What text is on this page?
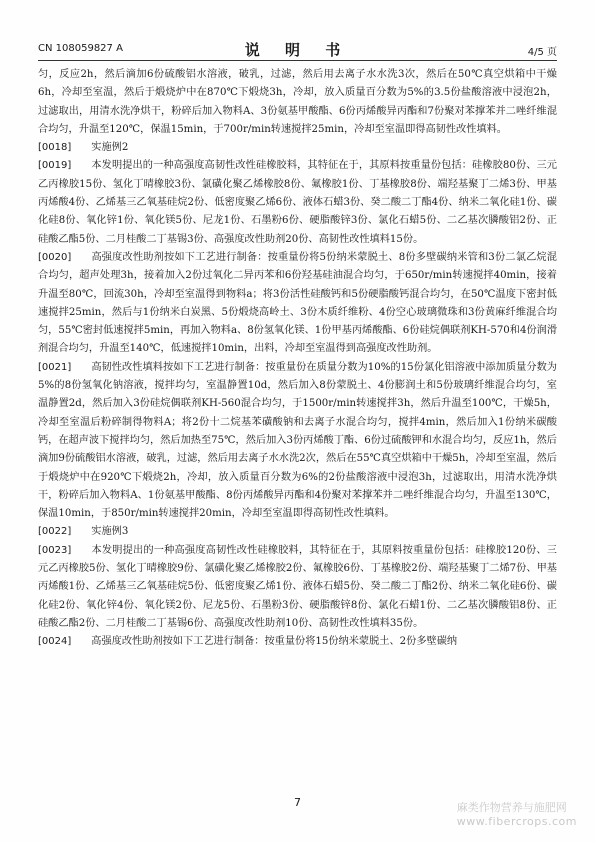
CN 108059827 A	说 明 书	4/5 页

匀，反应2h，然后滴加6份硫酸铝水溶液，破乳，过滤，然后用去离子水水洗3次，然后在50℃真空烘箱中干燥6h，冷却至室温，然后于煅烧炉中在870℃下煅烧3h，冷却，放入质量百分数为5%的3.5份盐酸溶液中浸泡2h，过滤取出，用清水洗净烘干，粉碎后加入物料A、3份氨基甲酸酯、6份丙烯酸异丙酯和7份聚对苯撑苯并二唑纤维混合均匀，升温至120℃，保温15min，于700r/min转速搅拌25min，冷却至室温即得高韧性改性填料。

[0018] 实施例2

[0019] 本发明提出的一种高强度高韧性改性硅橡胶料，其特征在于，其原料按重量份包括：硅橡胶80份、三元乙丙橡胶15份、氢化丁晴橡胶3份、氯磺化聚乙烯橡胶8份、氟橡胶1份、丁基橡胶8份、端羟基聚丁二烯3份、甲基丙烯酸4份、乙烯基三乙氧基硅烷2份、低密度聚乙烯6份、液体石蜡3份、癸二酸二丁酯4份、纳米二氧化硅1份、碳化硅8份、氧化锌1份、氧化镁5份、尼龙1份、石墨粉6份、硬脂酸锌3份、氯化石蜡5份、二乙基次膦酸铝2份、正硅酸乙酯5份、二月桂酸二丁基锡3份、高强度改性助剂20份、高韧性改性填料15份。

[0020] 高强度改性助剂按如下工艺进行制备：按重量份将5份纳米蒙脱土、8份多壁碳纳米管和3份二氯乙烷混合均匀，超声处理3h，接着加入2份过氧化二异丙苯和6份羟基硅油混合均匀，于650r/min转速搅拌40min，接着升温至80℃，回流30h，冷却至室温得到物料a；将3份活性硅酸钙和5份硬脂酸钙混合均匀，在50℃温度下密封低速搅拌25min，然后与1份纳米白炭黑、5份煅烧高岭土、3份木质纤维粉、4份空心玻璃微珠和3份黄麻纤维混合均匀，55℃密封低速搅拌5min，再加入物料a、8份氢氧化镁、1份甲基丙烯酸酯、6份硅烷偶联剂KH-570和4份润滑剂混合均匀，升温至140℃，低速搅拌10min，出料，冷却至室温得到高强度改性助剂。

[0021] 高韧性改性填料按如下工艺进行制备：按重量份在质量分数为10%的15份氯化铝溶液中添加质量分数为5%的8份氢氧化钠溶液，搅拌均匀，室温静置10d，然后加入8份蒙脱土、4份膨润土和5份玻璃纤维混合均匀，室温静置2d，然后加入3份硅烷偶联剂KH-560混合均匀，于1500r/min转速搅拌3h，然后升温至100℃，干燥5h，冷却至室温后粉碎制得物料A；将2份十二烷基苯磺酸钠和去离子水混合均匀，搅拌4min，然后加入1份纳米碳酸钙，在超声波下搅拌均匀，然后加热至75℃，然后加入3份丙烯酸丁酯、6份过硫酸钾和水混合均匀，反应1h，然后滴加9份硫酸铝水溶液，破乳，过滤，然后用去离子水水洗2次，然后在55℃真空烘箱中干燥5h，冷却至室温，然后于煅烧炉中在920℃下煅烧2h，冷却，放入质量百分数为6%的2份盐酸溶液中浸泡3h，过滤取出，用清水洗净烘干，粉碎后加入物料A、1份氨基甲酸酯、8份丙烯酸异丙酯和4份聚对苯撑苯并二唑纤维混合均匀，升温至130℃，保温10min，于850r/min转速搅拌20min，冷却至室温即得高韧性改性填料。

[0022] 实施例3

[0023] 本发明提出的一种高强度高韧性改性硅橡胶料，其特征在于，其原料按重量份包括：硅橡胶120份、三元乙丙橡胶5份、氢化丁晴橡胶9份、氯磺化聚乙烯橡胶2份、氟橡胶6份、丁基橡胶2份、端羟基聚丁二烯7份、甲基丙烯酸1份、乙烯基三乙氧基硅烷5份、低密度聚乙烯1份、液体石蜡5份、癸二酸二丁酯2份、纳米二氧化硅6份、碳化硅2份、氧化锌4份、氧化镁2份、尼龙5份、石墨粉3份、硬脂酸锌8份、氯化石蜡1份、二乙基次膦酸铝8份、正硅酸乙酯2份、二月桂酸二丁基锡6份、高强度改性助剂10份、高韧性改性填料35份。

[0024] 高强度改性助剂按如下工艺进行制备：按重量份将15份纳米蒙脱土、2份多壁碳纳

7	麻类作物营养与施肥网
www.fibercrops.com
